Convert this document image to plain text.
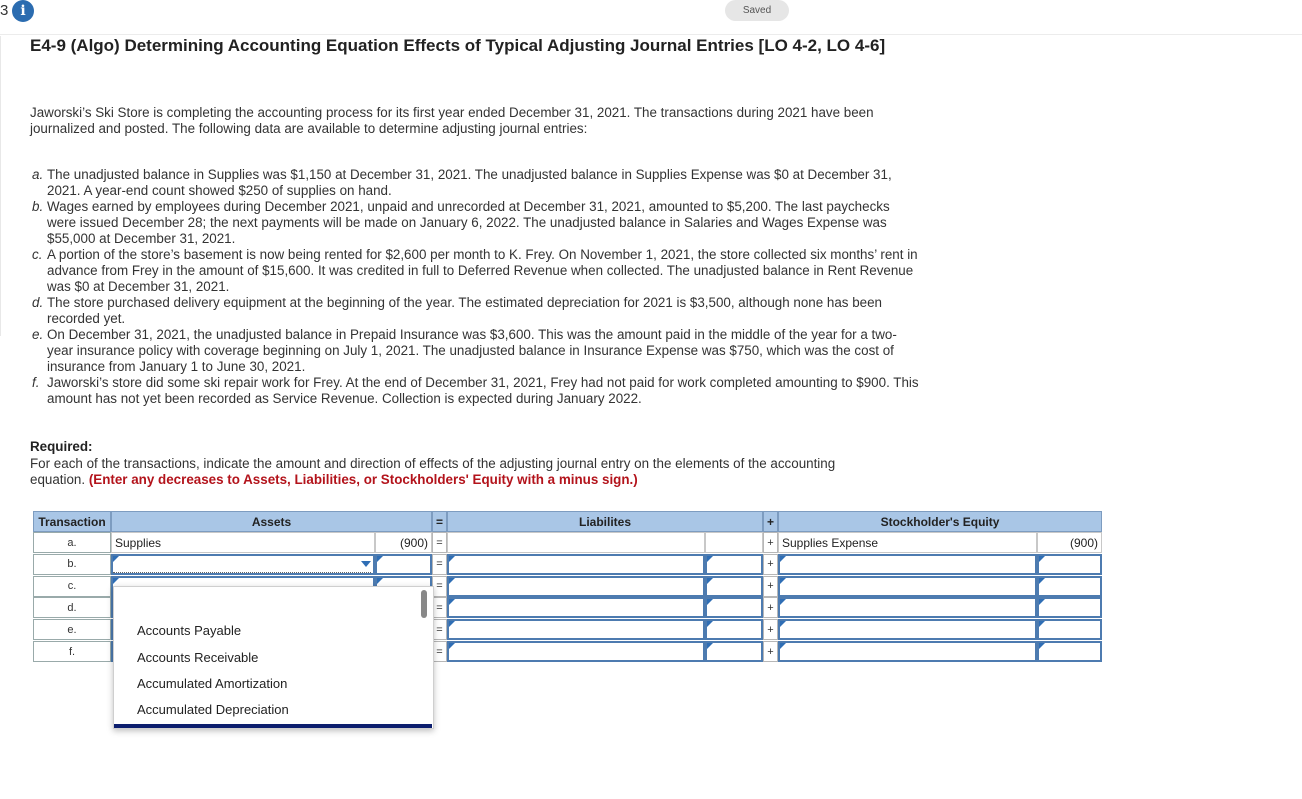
3 i	Saved
E4-9 (Algo) Determining Accounting Equation Effects of Typical Adjusting Journal Entries [LO 4-2, LO 4-6]
Jaworski’s Ski Store is completing the accounting process for its first year ended December 31, 2021. The transactions during 2021 have been journalized and posted. The following data are available to determine adjusting journal entries:
a. The unadjusted balance in Supplies was $1,150 at December 31, 2021. The unadjusted balance in Supplies Expense was $0 at December 31, 2021. A year-end count showed $250 of supplies on hand.
b. Wages earned by employees during December 2021, unpaid and unrecorded at December 31, 2021, amounted to $5,200. The last paychecks were issued December 28; the next payments will be made on January 6, 2022. The unadjusted balance in Salaries and Wages Expense was $55,000 at December 31, 2021.
c. A portion of the store’s basement is now being rented for $2,600 per month to K. Frey. On November 1, 2021, the store collected six months’ rent in advance from Frey in the amount of $15,600. It was credited in full to Deferred Revenue when collected. The unadjusted balance in Rent Revenue was $0 at December 31, 2021.
d. The store purchased delivery equipment at the beginning of the year. The estimated depreciation for 2021 is $3,500, although none has been recorded yet.
e. On December 31, 2021, the unadjusted balance in Prepaid Insurance was $3,600. This was the amount paid in the middle of the year for a two-year insurance policy with coverage beginning on July 1, 2021. The unadjusted balance in Insurance Expense was $750, which was the cost of insurance from January 1 to June 30, 2021.
f. Jaworski’s store did some ski repair work for Frey. At the end of December 31, 2021, Frey had not paid for work completed amounting to $900. This amount has not yet been recorded as Service Revenue. Collection is expected during January 2022.
Required:
For each of the transactions, indicate the amount and direction of effects of the adjusting journal entry on the elements of the accounting equation. (Enter any decreases to Assets, Liabilities, or Stockholders' Equity with a minus sign.)
Transaction	Assets	=	Liabilites	+	Stockholder's Equity
a.	Supplies	(900) =	+ Supplies Expense	(900)
b.	=	+
c.	=	+
d.	=	+
e.	=	+
f.	=	+
Accounts Payable
Accounts Receivable
Accumulated Amortization
Accumulated Depreciation
